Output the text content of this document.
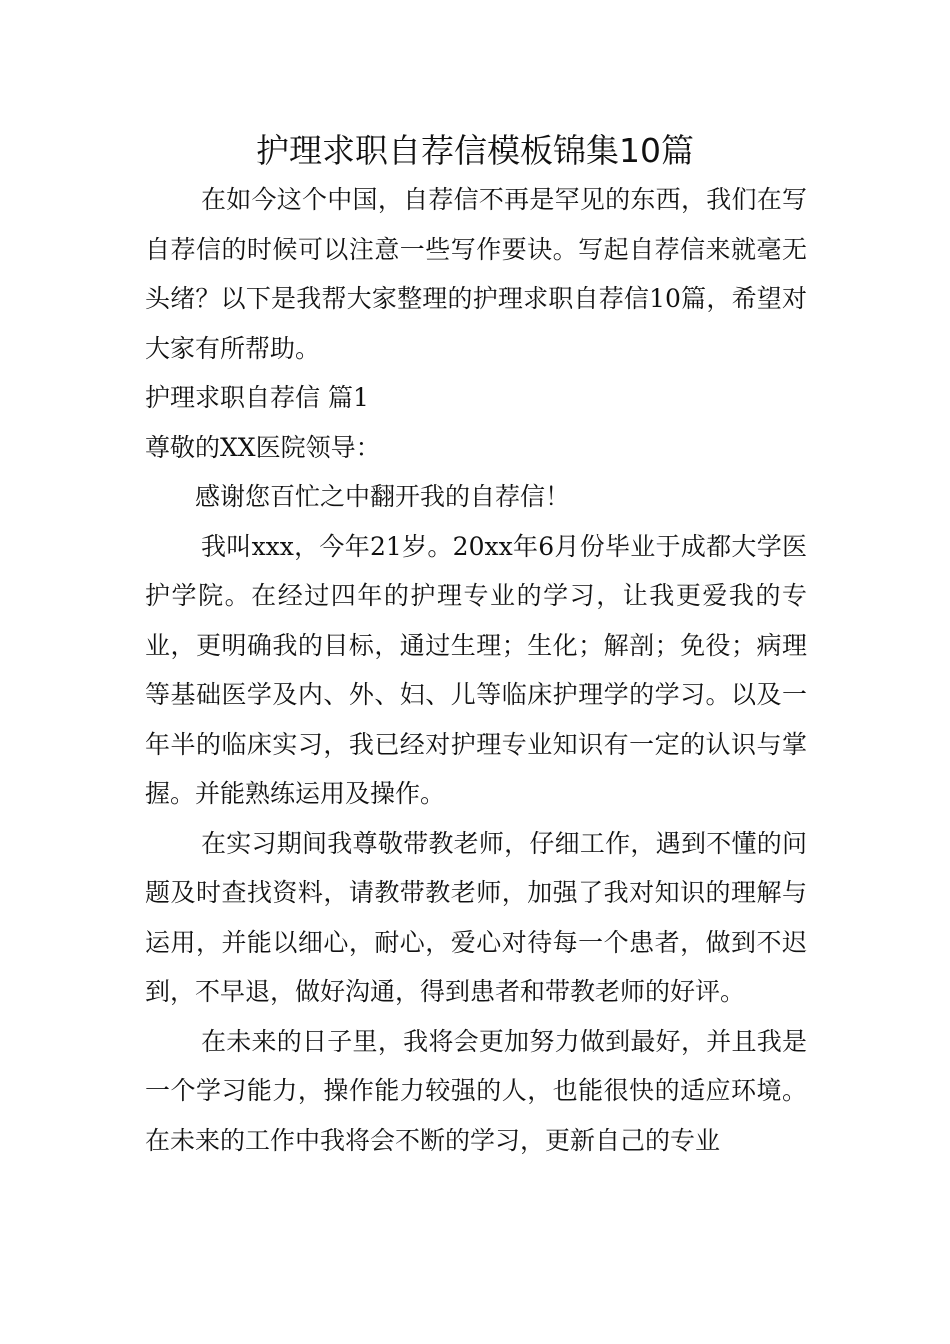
护理求职自荐信模板锦集10篇

在如今这个中国，自荐信不再是罕见的东西，我们在写自荐信的时候可以注意一些写作要诀。写起自荐信来就毫无头绪？以下是我帮大家整理的护理求职自荐信10篇，希望对大家有所帮助。

护理求职自荐信 篇1

尊敬的XX医院领导：

感谢您百忙之中翻开我的自荐信！

我叫xxx，今年21岁。20xx年6月份毕业于成都大学医护学院。在经过四年的护理专业的学习，让我更爱我的专业，更明确我的目标，通过生理；生化；解剖；免役；病理等基础医学及内、外、妇、儿等临床护理学的学习。以及一年半的临床实习，我已经对护理专业知识有一定的认识与掌握。并能熟练运用及操作。

在实习期间我尊敬带教老师，仔细工作，遇到不懂的问题及时查找资料，请教带教老师，加强了我对知识的理解与运用，并能以细心，耐心，爱心对待每一个患者，做到不迟到，不早退，做好沟通，得到患者和带教老师的好评。

在未来的日子里，我将会更加努力做到最好，并且我是一个学习能力，操作能力较强的人，也能很快的适应环境。在未来的工作中我将会不断的学习，更新自己的专业
